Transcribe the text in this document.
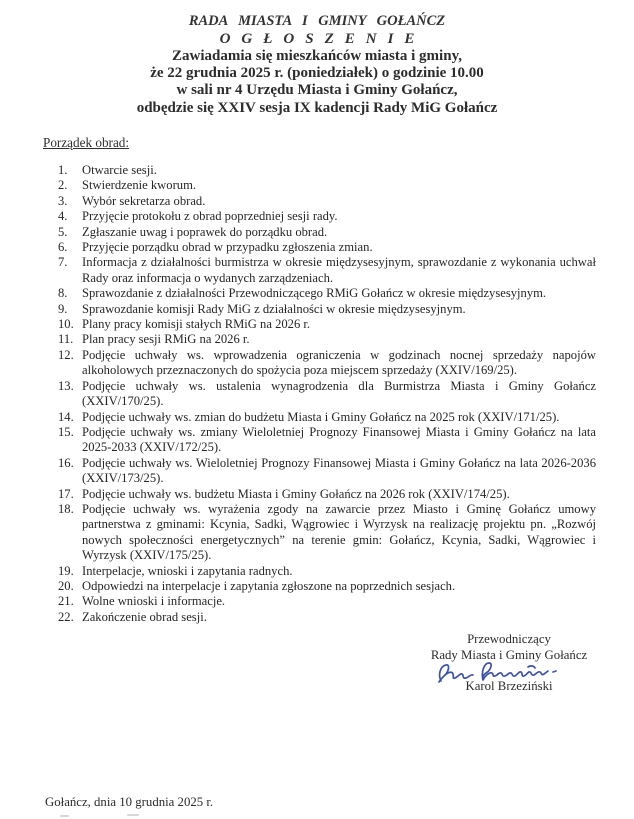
RADA MIASTA I GMINY GOŁAŃCZ
OGŁOSZENIE
Zawiadamia się mieszkańców miasta i gminy,
że 22 grudnia 2025 r. (poniedziałek) o godzinie 10.00
w sali nr 4 Urzędu Miasta i Gminy Gołańcz,
odbędzie się XXIV sesja IX kadencji Rady MiG Gołańcz
Porządek obrad:
1.	Otwarcie sesji.
2.	Stwierdzenie kworum.
3.	Wybór sekretarza obrad.
4.	Przyjęcie protokołu z obrad poprzedniej sesji rady.
5.	Zgłaszanie uwag i poprawek do porządku obrad.
6.	Przyjęcie porządku obrad w przypadku zgłoszenia zmian.
7.	Informacja z działalności burmistrza w okresie międzysesyjnym, sprawozdanie z wykonania uchwał Rady oraz informacja o wydanych zarządzeniach.
8.	Sprawozdanie z działalności Przewodniczącego RMiG Gołańcz w okresie międzysesyjnym.
9.	Sprawozdanie komisji Rady MiG z działalności w okresie międzysesyjnym.
10. Plany pracy komisji stałych RMiG na 2026 r.
11. Plan pracy sesji RMiG na 2026 r.
12. Podjęcie uchwały ws. wprowadzenia ograniczenia w godzinach nocnej sprzedaży napojów alkoholowych przeznaczonych do spożycia poza miejscem sprzedaży (XXIV/169/25).
13. Podjęcie uchwały ws. ustalenia wynagrodzenia dla Burmistrza Miasta i Gminy Gołańcz (XXIV/170/25).
14. Podjęcie uchwały ws. zmian do budżetu Miasta i Gminy Gołańcz na 2025 rok (XXIV/171/25).
15. Podjęcie uchwały ws. zmiany Wieloletniej Prognozy Finansowej Miasta i Gminy Gołańcz na lata 2025-2033 (XXIV/172/25).
16. Podjęcie uchwały ws. Wieloletniej Prognozy Finansowej Miasta i Gminy Gołańcz na lata 2026-2036 (XXIV/173/25).
17. Podjęcie uchwały ws. budżetu Miasta i Gminy Gołańcz na 2026 rok (XXIV/174/25).
18. Podjęcie uchwały ws. wyrażenia zgody na zawarcie przez Miasto i Gminę Gołańcz umowy partnerstwa z gminami: Kcynia, Sadki, Wągrowiec i Wyrzysk na realizację projektu pn. „Rozwój nowych społeczności energetycznych” na terenie gmin: Gołańcz, Kcynia, Sadki, Wągrowiec i Wyrzysk (XXIV/175/25).
19. Interpelacje, wnioski i zapytania radnych.
20. Odpowiedzi na interpelacje i zapytania zgłoszone na poprzednich sesjach.
21. Wolne wnioski i informacje.
22. Zakończenie obrad sesji.
Przewodniczący
Rady Miasta i Gminy Gołańcz
Karol Brzeziński
Gołańcz, dnia 10 grudnia 2025 r.
